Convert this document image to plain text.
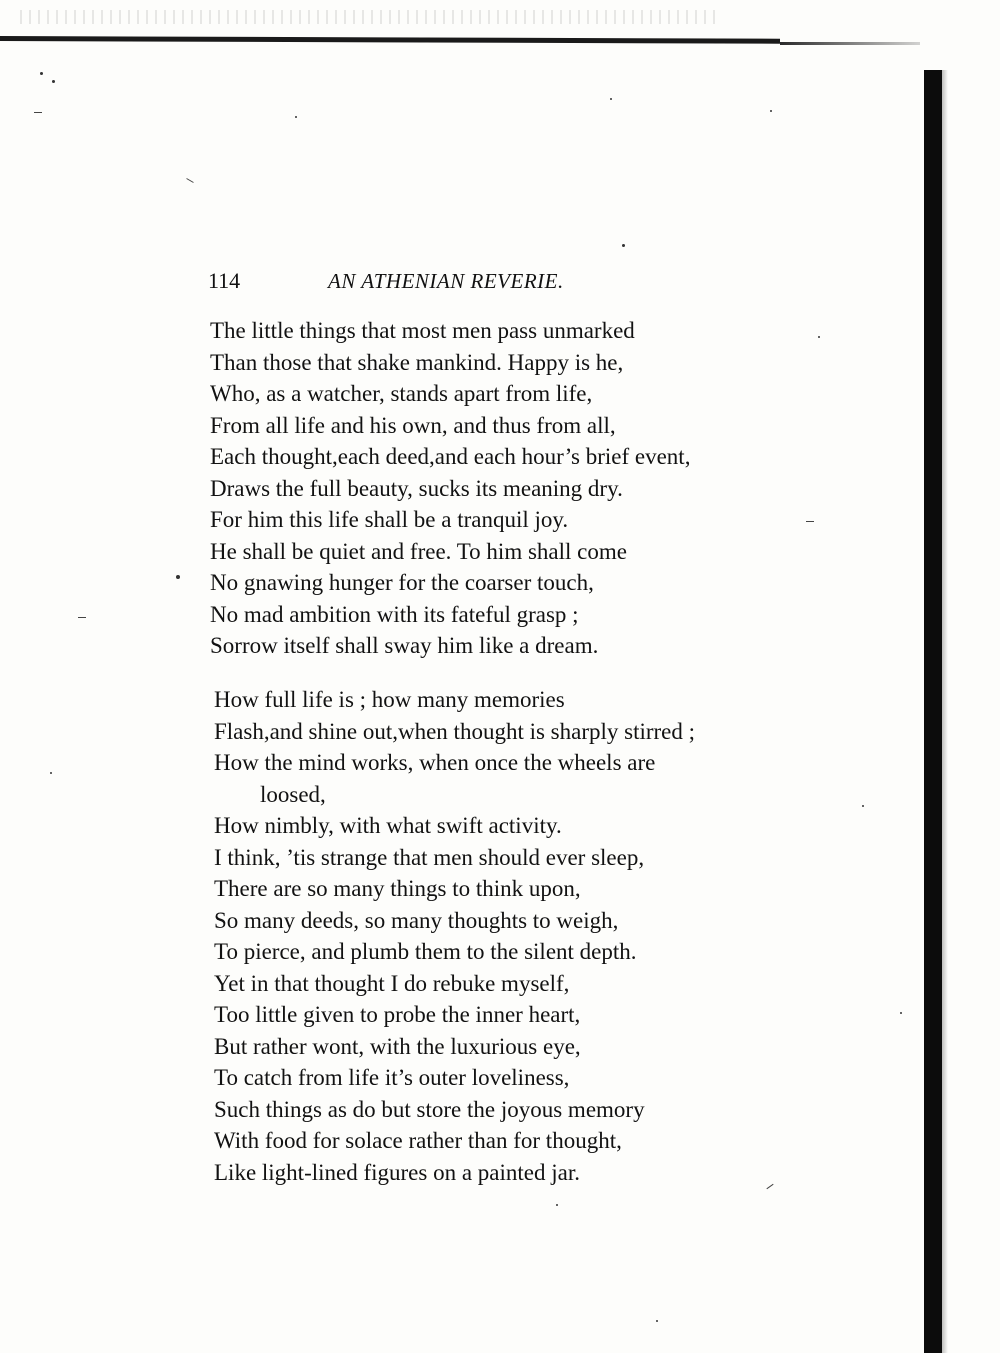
114	AN ATHENIAN REVERIE.
The little things that most men pass unmarked
Than those that shake mankind. Happy is he,
Who, as a watcher, stands apart from life,
From all life and his own, and thus from all,
Each thought,each deed,and each hour’s brief event,
Draws the full beauty, sucks its meaning dry.
For him this life shall be a tranquil joy.
He shall be quiet and free. To him shall come
No gnawing hunger for the coarser touch,
No mad ambition with its fateful grasp ;
Sorrow itself shall sway him like a dream.
How full life is ; how many memories
Flash,and shine out,when thought is sharply stirred ;
How the mind works, when once the wheels are
loosed,
How nimbly, with what swift activity.
I think, ’tis strange that men should ever sleep,
There are so many things to think upon,
So many deeds, so many thoughts to weigh,
To pierce, and plumb them to the silent depth.
Yet in that thought I do rebuke myself,
Too little given to probe the inner heart,
But rather wont, with the luxurious eye,
To catch from life it’s outer loveliness,
Such things as do but store the joyous memory
With food for solace rather than for thought,
Like light-lined figures on a painted jar.
